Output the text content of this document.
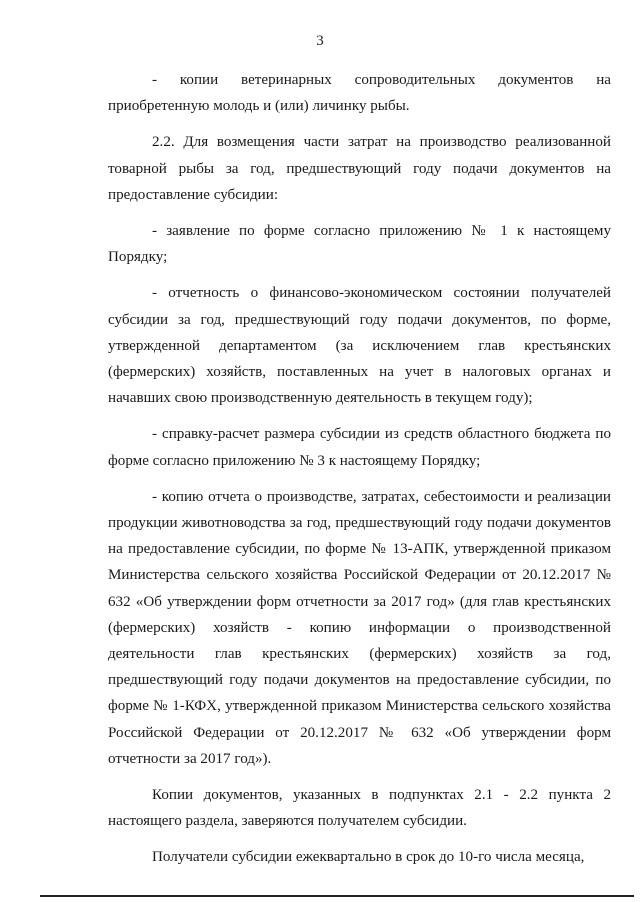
3

- копии ветеринарных сопроводительных документов на приобретенную молодь и (или) личинку рыбы.

2.2. Для возмещения части затрат на производство реализованной товарной рыбы за год, предшествующий году подачи документов на предоставление субсидии:

- заявление по форме согласно приложению № 1 к настоящему Порядку;

- отчетность о финансово-экономическом состоянии получателей субсидии за год, предшествующий году подачи документов, по форме, утвержденной департаментом (за исключением глав крестьянских (фермерских) хозяйств, поставленных на учет в налоговых органах и начавших свою производственную деятельность в текущем году);

- справку-расчет размера субсидии из средств областного бюджета по форме согласно приложению № 3 к настоящему Порядку;

- копию отчета о производстве, затратах, себестоимости и реализации продукции животноводства за год, предшествующий году подачи документов на предоставление субсидии, по форме № 13-АПК, утвержденной приказом Министерства сельского хозяйства Российской Федерации от 20.12.2017 № 632 «Об утверждении форм отчетности за 2017 год» (для глав крестьянских (фермерских) хозяйств - копию информации о производственной деятельности глав крестьянских (фермерских) хозяйств за год, предшествующий году подачи документов на предоставление субсидии, по форме № 1-КФХ, утвержденной приказом Министерства сельского хозяйства Российской Федерации от 20.12.2017 № 632 «Об утверждении форм отчетности за 2017 год»).

Копии документов, указанных в подпунктах 2.1 - 2.2 пункта 2 настоящего раздела, заверяются получателем субсидии.

Получатели субсидии ежеквартально в срок до 10-го числа месяца,
